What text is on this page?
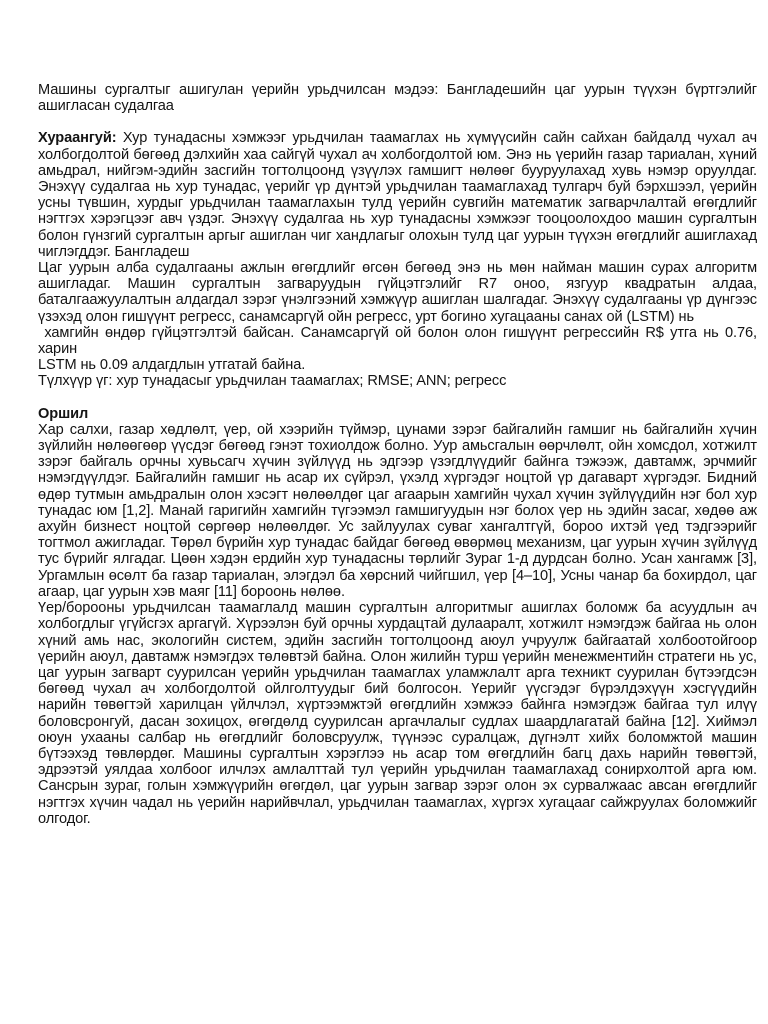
Машины сургалтыг ашигулан үерийн урьдчилсан мэдээ: Бангладешийн цаг уурын түүхэн бүртгэлийг ашигласан судалгаа

Хураангуй: Хур тунадасны хэмжээг урьдчилан таамаглах нь хүмүүсийн сайн сайхан байдалд чухал ач холбогдолтой бөгөөд дэлхийн хаа сайгүй чухал ач холбогдолтой юм. Энэ нь үерийн газар тариалан, хүний амьдрал, нийгэм-эдийн засгийн тогтолцоонд үзүүлэх гамшигт нөлөөг бууруулахад хувь нэмэр оруулдаг. Энэхүү судалгаа нь хур тунадас, үерийг үр дүнтэй урьдчилан таамаглахад тулгарч буй бэрхшээл, үерийн усны түвшин, хурдыг урьдчилан таамаглахын тулд үерийн сувгийн математик загварчлалтай өгөгдлийг нэгтгэх хэрэгцээг авч үздэг. Энэхүү судалгаа нь хур тунадасны хэмжээг тооцоолохдоо машин сургалтын болон гүнзгий сургалтын аргыг ашиглан чиг хандлагыг олохын тулд цаг уурын түүхэн өгөгдлийг ашиглахад чиглэгддэг. Бангладеш

Цаг уурын алба судалгааны ажлын өгөгдлийг өгсөн бөгөөд энэ нь мөн найман машин сурах алгоритм ашигладаг. Машин сургалтын загваруудын гүйцэтгэлийг R7 оноо, язгуур квадратын алдаа, баталгаажуулалтын алдагдал зэрэг үнэлгээний хэмжүүр ашиглан шалгадаг. Энэхүү судалгааны үр дүнгээс үзэхэд олон гишүүнт регресс, санамсаргүй ойн регресс, урт богино хугацааны санах ой (LSTM) нь

хамгийн өндөр гүйцэтгэлтэй байсан. Санамсаргүй ой болон олон гишүүнт регрессийн R$ утга нь 0.76, харин

LSTM нь 0.09 алдагдлын утгатай байна.

Түлхүүр үг: хур тунадасыг урьдчилан таамаглах; RMSE; ANN; регресс

Оршил

Хар салхи, газар хөдлөлт, үер, ой хээрийн түймэр, цунами зэрэг байгалийн гамшиг нь байгалийн хүчин зүйлийн нөлөөгөөр үүсдэг бөгөөд гэнэт тохиолдож болно. Уур амьсгалын өөрчлөлт, ойн хомсдол, хотжилт зэрэг байгаль орчны хувьсагч хүчин зүйлүүд нь эдгээр үзэгдлүүдийг байнга тэжээж, давтамж, эрчмийг нэмэгдүүлдэг. Байгалийн гамшиг нь асар их сүйрэл, үхэлд хүргэдэг ноцтой үр дагаварт хүргэдэг. Бидний өдөр тутмын амьдралын олон хэсэгт нөлөөлдөг цаг агаарын хамгийн чухал хүчин зүйлүүдийн нэг бол хур тунадас юм [1,2]. Манай гаригийн хамгийн түгээмэл гамшигуудын нэг болох үер нь эдийн засаг, хөдөө аж ахуйн бизнест ноцтой сөргөөр нөлөөлдөг. Ус зайлуулах суваг хангалтгүй, бороо ихтэй үед тэдгээрийг тогтмол ажигладаг. Төрөл бүрийн хур тунадас байдаг бөгөөд өвөрмөц механизм, цаг уурын хүчин зүйлүүд тус бүрийг ялгадаг. Цөөн хэдэн ердийн хур тунадасны төрлийг Зураг 1-д дурдсан болно. Усан хангамж [3], Ургамлын өсөлт ба газар тариалан, элэгдэл ба хөрсний чийгшил, үер [4–10], Усны чанар ба бохирдол, цаг агаар, цаг уурын хэв маяг [11] бороонь нөлөө.

Үер/борооны урьдчилсан таамаглалд машин сургалтын алгоритмыг ашиглах боломж ба асуудлын ач холбогдлыг үгүйсгэх аргагүй. Хүрээлэн буй орчны хурдацтай дулааралт, хотжилт нэмэгдэж байгаа нь олон хүний амь нас, экологийн систем, эдийн засгийн тогтолцоонд аюул учруулж байгаатай холбоотойгоор үерийн аюул, давтамж нэмэгдэх төлөвтэй байна. Олон жилийн турш үерийн менежментийн стратеги нь ус, цаг уурын загварт суурилсан үерийн урьдчилан таамаглах уламжлалт арга техникт суурилан бүтээгдсэн бөгөөд чухал ач холбогдолтой ойлголтуудыг бий болгосон. Үерийг үүсгэдэг бүрэлдэхүүн хэсгүүдийн нарийн төвөгтэй харилцан үйлчлэл, хүртээмжтэй өгөгдлийн хэмжээ байнга нэмэгдэж байгаа тул илүү боловсронгуй, дасан зохицох, өгөгдөлд суурилсан аргачлалыг судлах шаардлагатай байна [12]. Хиймэл оюун ухааны салбар нь өгөгдлийг боловсруулж, түүнээс суралцаж, дүгнэлт хийх боломжтой машин бүтээхэд төвлөрдөг. Машины сургалтын хэрэглээ нь асар том өгөгдлийн багц дахь нарийн төвөгтэй, эдрээтэй уялдаа холбоог илчлэх амлалттай тул үерийн урьдчилан таамаглахад сонирхолтой арга юм. Сансрын зураг, голын хэмжүүрийн өгөгдөл, цаг уурын загвар зэрэг олон эх сурвалжаас авсан өгөгдлийг нэгтгэх хүчин чадал нь үерийн нарийвчлал, урьдчилан таамаглах, хүргэх хугацааг сайжруулах боломжийг олгодог.
